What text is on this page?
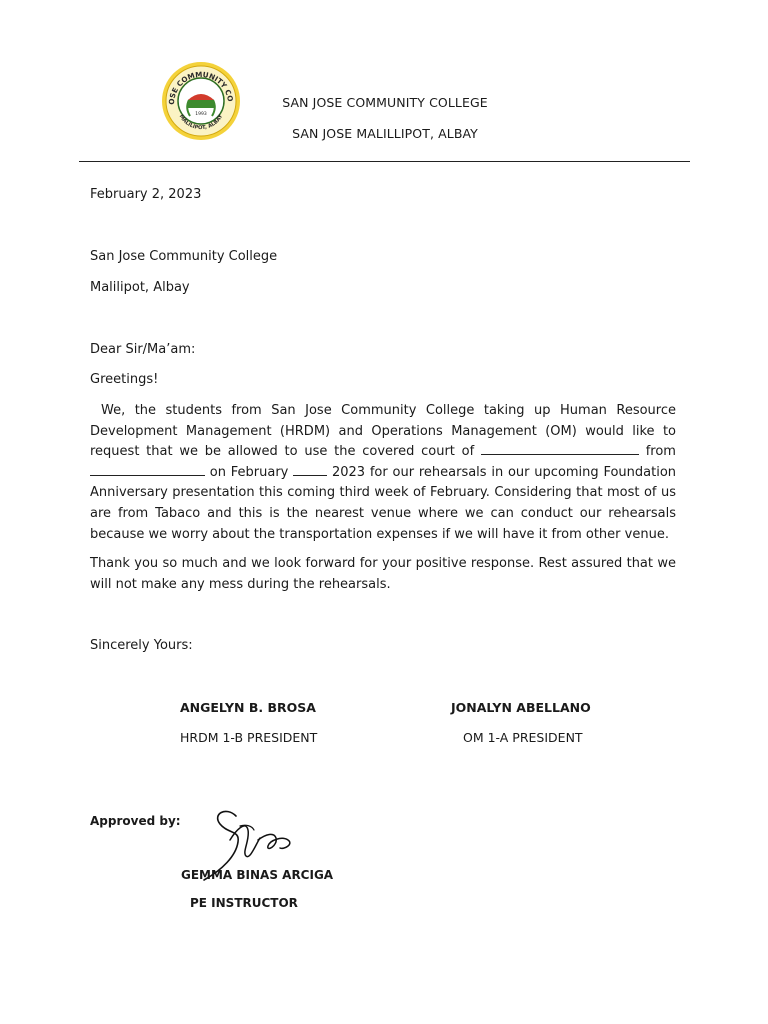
OSE COMMUNITY CO
MALILIPOT, ALBAY
1993
SAN JOSE COMMUNITY COLLEGE
SAN JOSE MALILLIPOT, ALBAY
February 2, 2023
San Jose Community College
Malilipot, Albay
Dear Sir/Ma’am:
Greetings!
We, the students from San Jose Community College taking up Human Resource Development Management (HRDM) and Operations Management (OM) would like to request that we be allowed to use the covered court of	from  on February	2023 for our rehearsals in our upcoming Foundation Anniversary presentation this coming third week of February. Considering that most of us are from Tabaco and this is the nearest venue where we can conduct our rehearsals because we worry about the transportation expenses if we will have it from other venue.
Thank you so much and we look forward for your positive response. Rest assured that we will not make any mess during the rehearsals.
Sincerely Yours:
ANGELYN B. BROSA
HRDM 1-B PRESIDENT
JONALYN ABELLANO
OM 1-A PRESIDENT
Approved by:
GEMMA BINAS ARCIGA
PE INSTRUCTOR
